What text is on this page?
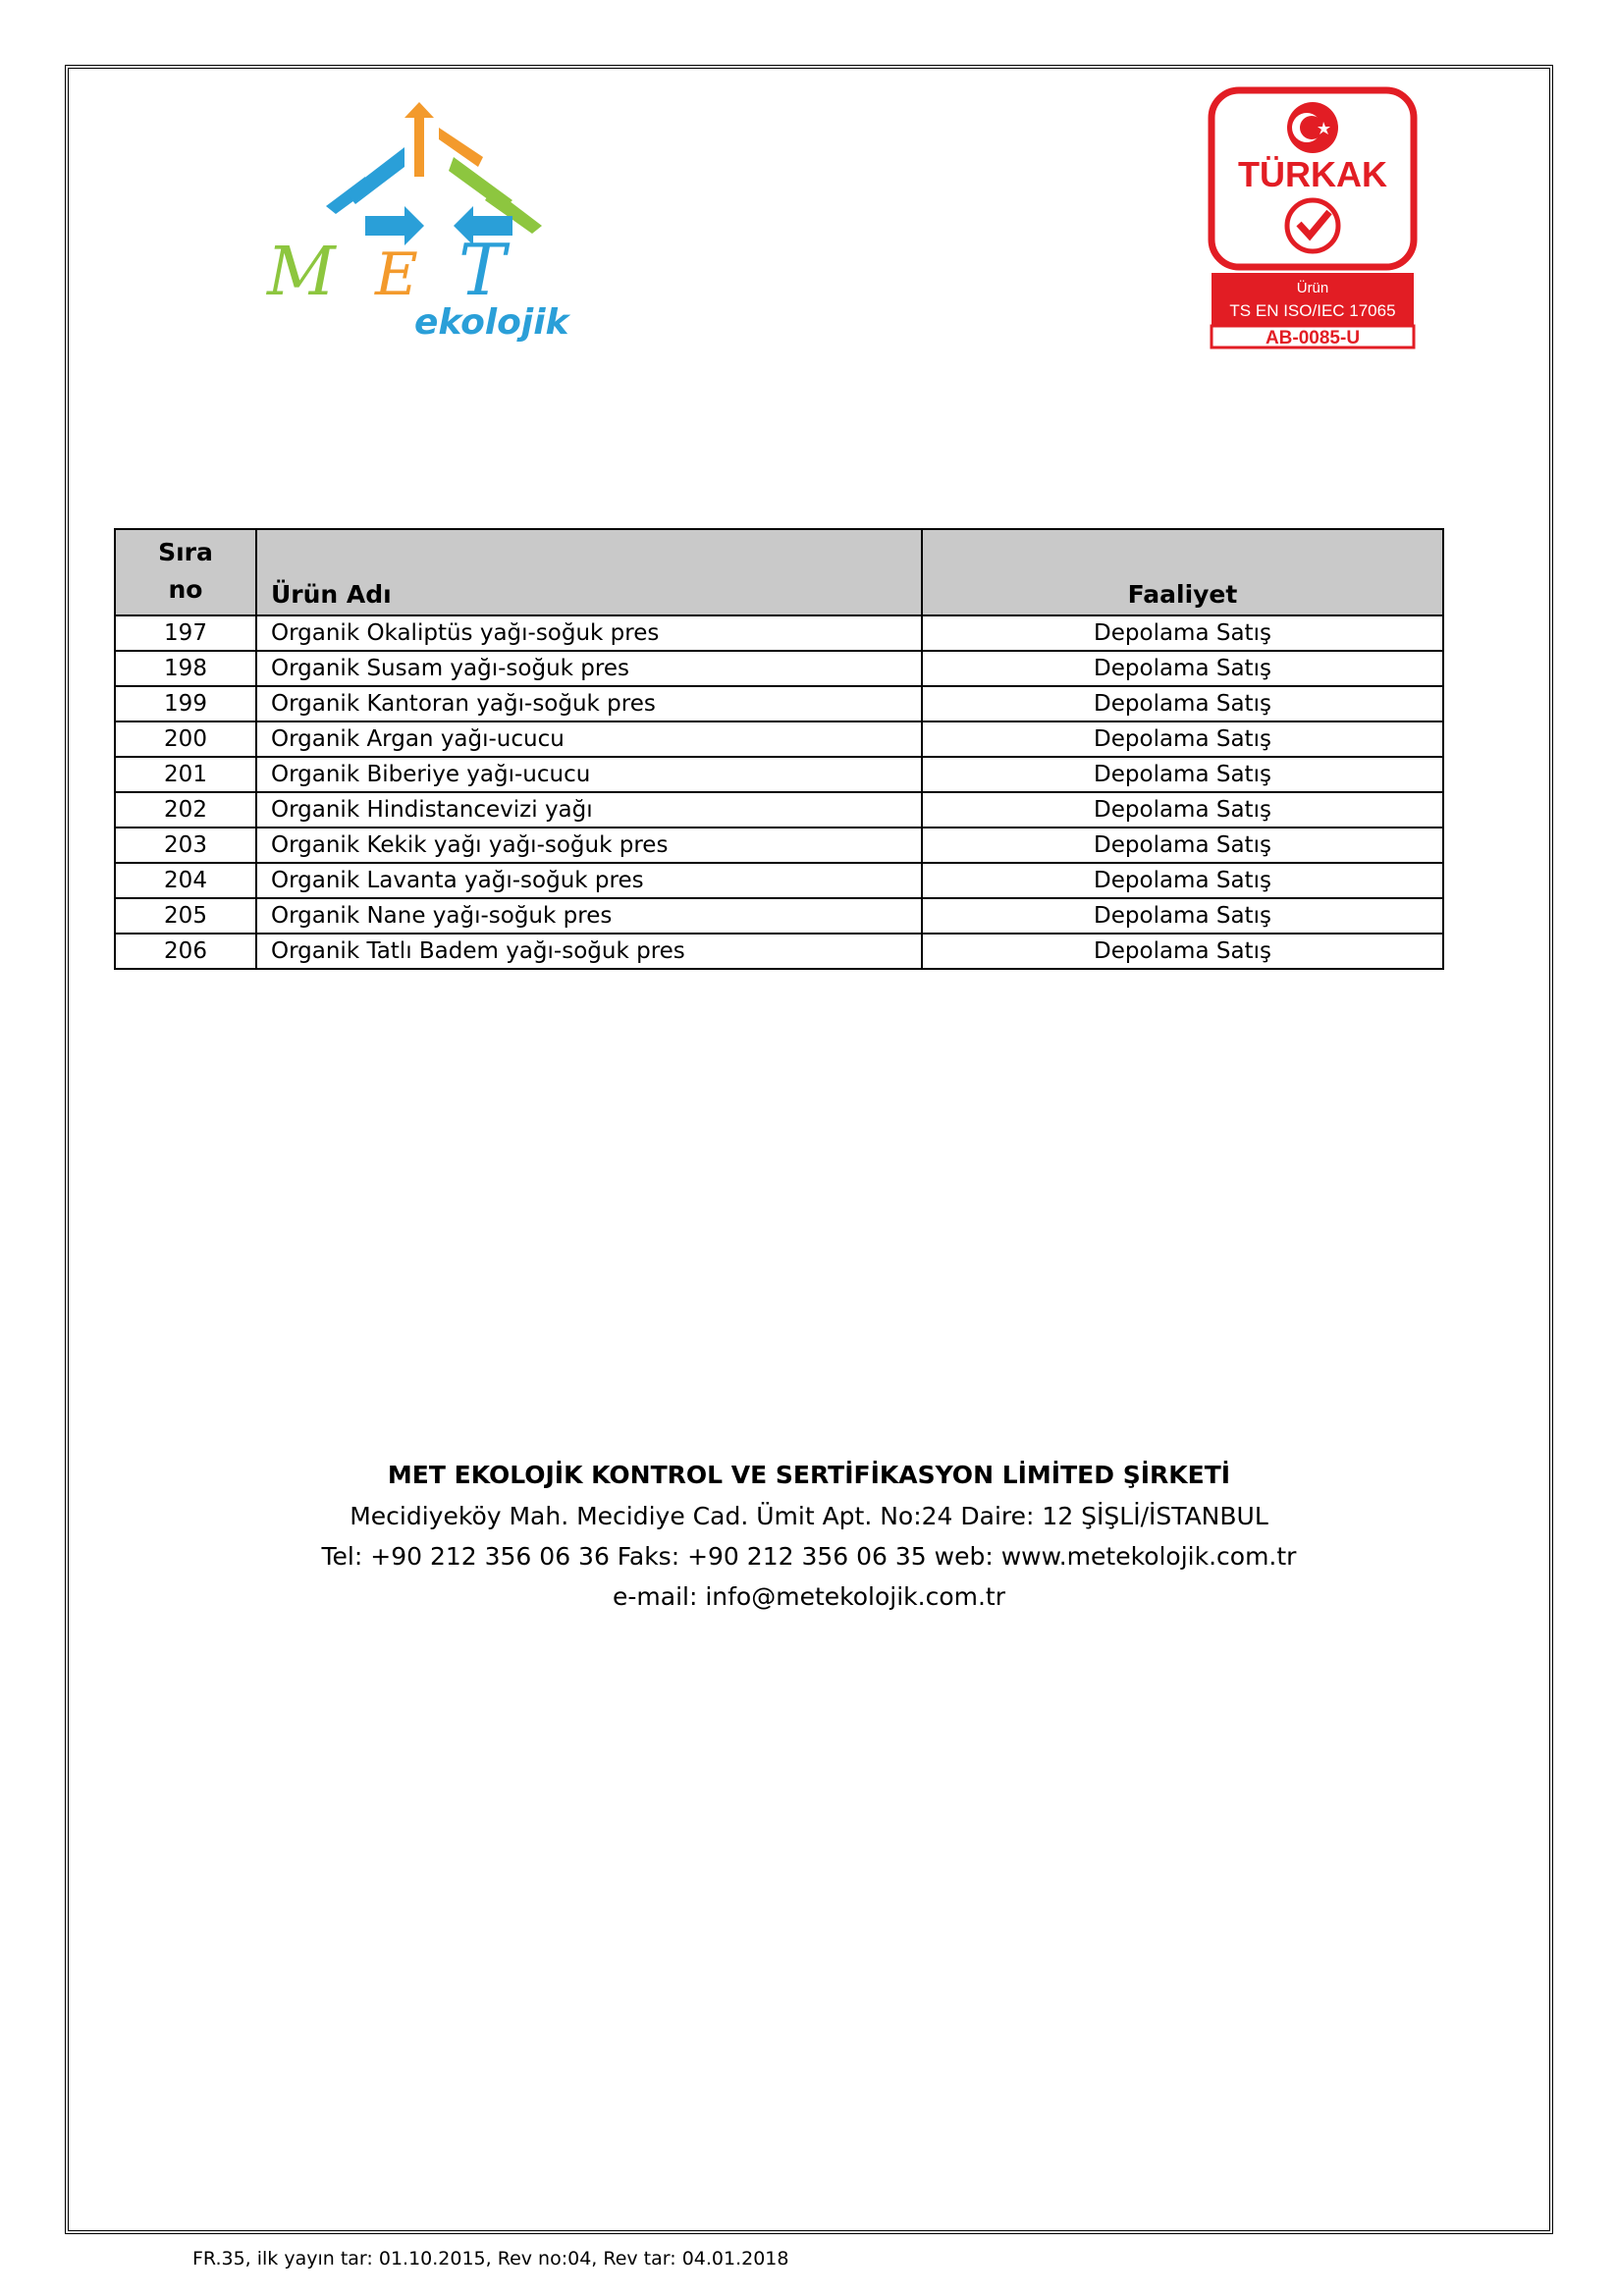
M E T
ekolojik
TÜRKAK
Ürün
TS EN ISO/IEC 17065
AB-0085-U
Sıra
no	Ürün Adı	Faaliyet
197	Organik Okaliptüs yağı-soğuk pres	Depolama Satış
198	Organik Susam yağı-soğuk pres	Depolama Satış
199	Organik Kantoran yağı-soğuk pres	Depolama Satış
200	Organik Argan yağı-ucucu	Depolama Satış
201	Organik Biberiye yağı-ucucu	Depolama Satış
202	Organik Hindistancevizi yağı	Depolama Satış
203	Organik Kekik yağı yağı-soğuk pres	Depolama Satış
204	Organik Lavanta yağı-soğuk pres	Depolama Satış
205	Organik Nane yağı-soğuk pres	Depolama Satış
206	Organik Tatlı Badem yağı-soğuk pres	Depolama Satış
MET EKOLOJİK KONTROL VE SERTİFİKASYON LİMİTED ŞİRKETİ
Mecidiyeköy Mah. Mecidiye Cad. Ümit Apt. No:24 Daire: 12 ŞİŞLİ/İSTANBUL
Tel: +90 212 356 06 36 Faks: +90 212 356 06 35 web: www.metekolojik.com.tr
e-mail: info@metekolojik.com.tr
FR.35, ilk yayın tar: 01.10.2015, Rev no:04, Rev tar: 04.01.2018
